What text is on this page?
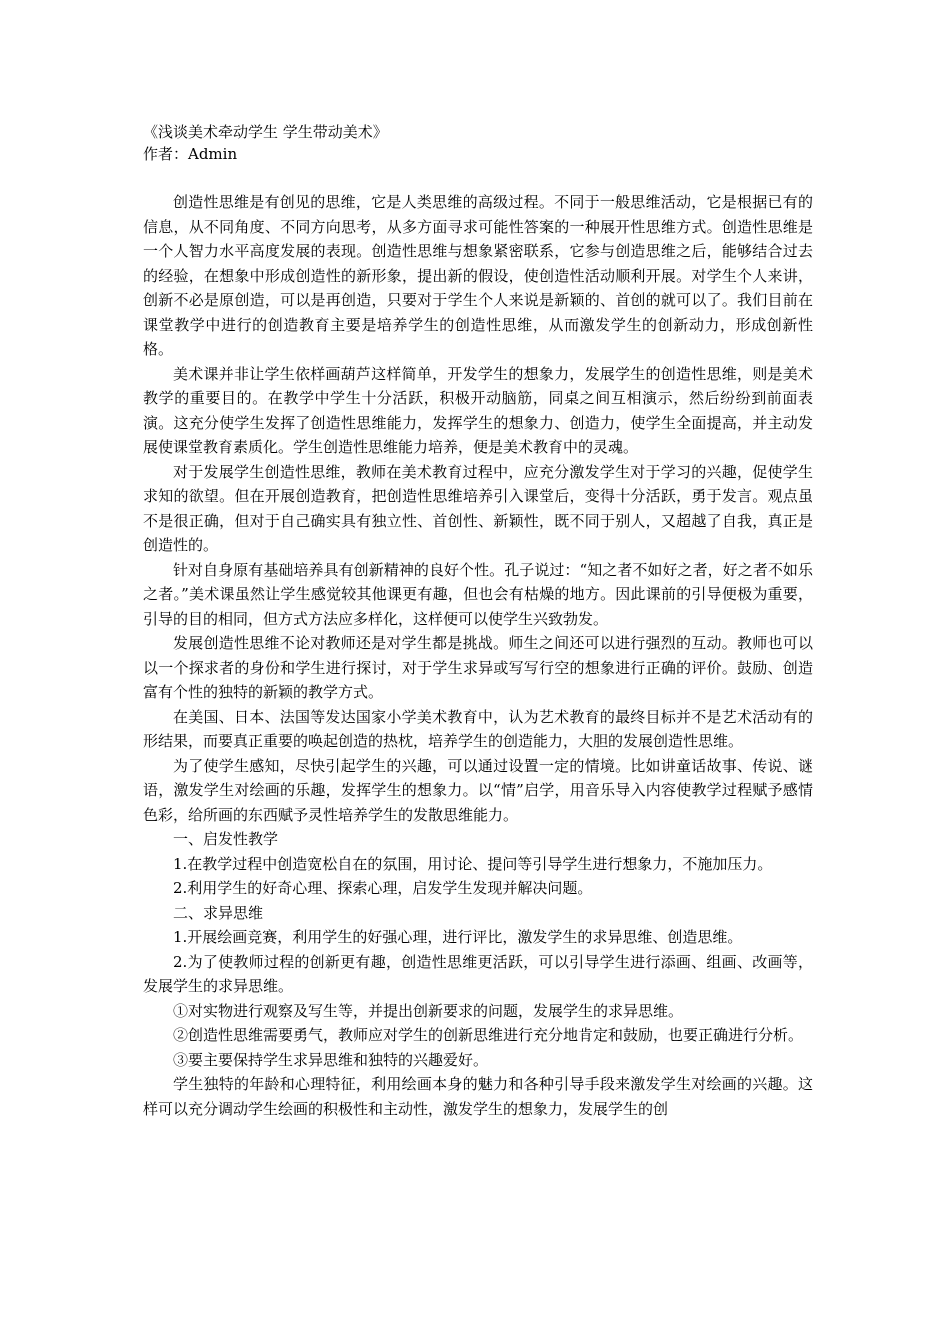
《浅谈美术牵动学生 学生带动美术》

作者：Admin

创造性思维是有创见的思维，它是人类思维的高级过程。不同于一般思维活动，它是根据已有的信息，从不同角度、不同方向思考，从多方面寻求可能性答案的一种展开性思维方式。创造性思维是一个人智力水平高度发展的表现。创造性思维与想象紧密联系，它参与创造思维之后，能够结合过去的经验，在想象中形成创造性的新形象，提出新的假设，使创造性活动顺利开展。对学生个人来讲，创新不必是原创造，可以是再创造，只要对于学生个人来说是新颖的、首创的就可以了。我们目前在课堂教学中进行的创造教育主要是培养学生的创造性思维，从而激发学生的创新动力，形成创新性格。

美术课并非让学生依样画葫芦这样简单，开发学生的想象力，发展学生的创造性思维，则是美术教学的重要目的。在教学中学生十分活跃，积极开动脑筋，同桌之间互相演示，然后纷纷到前面表演。这充分使学生发挥了创造性思维能力，发挥学生的想象力、创造力，使学生全面提高，并主动发展使课堂教育素质化。学生创造性思维能力培养，便是美术教育中的灵魂。

对于发展学生创造性思维，教师在美术教育过程中，应充分激发学生对于学习的兴趣，促使学生求知的欲望。但在开展创造教育，把创造性思维培养引入课堂后，变得十分活跃，勇于发言。观点虽不是很正确，但对于自己确实具有独立性、首创性、新颖性，既不同于别人，又超越了自我，真正是创造性的。

针对自身原有基础培养具有创新精神的良好个性。孔子说过：“知之者不如好之者，好之者不如乐之者。”美术课虽然让学生感觉较其他课更有趣，但也会有枯燥的地方。因此课前的引导便极为重要，引导的目的相同，但方式方法应多样化，这样便可以使学生兴致勃发。

发展创造性思维不论对教师还是对学生都是挑战。师生之间还可以进行强烈的互动。教师也可以以一个探求者的身份和学生进行探讨，对于学生求异或写写行空的想象进行正确的评价。鼓励、创造富有个性的独特的新颖的教学方式。

在美国、日本、法国等发达国家小学美术教育中，认为艺术教育的最终目标并不是艺术活动有的形结果，而要真正重要的唤起创造的热枕，培养学生的创造能力，大胆的发展创造性思维。

为了使学生感知，尽快引起学生的兴趣，可以通过设置一定的情境。比如讲童话故事、传说、谜语，激发学生对绘画的乐趣，发挥学生的想象力。以“情”启学，用音乐导入内容使教学过程赋予感情色彩，给所画的东西赋予灵性培养学生的发散思维能力。

一、启发性教学

1.在教学过程中创造宽松自在的氛围，用讨论、提问等引导学生进行想象力，不施加压力。

2.利用学生的好奇心理、探索心理，启发学生发现并解决问题。

二、求异思维

1.开展绘画竞赛，利用学生的好强心理，进行评比，激发学生的求异思维、创造思维。

2.为了使教师过程的创新更有趣，创造性思维更活跃，可以引导学生进行添画、组画、改画等，发展学生的求异思维。

①对实物进行观察及写生等，并提出创新要求的问题，发展学生的求异思维。

②创造性思维需要勇气，教师应对学生的创新思维进行充分地肯定和鼓励，也要正确进行分析。

③要主要保持学生求异思维和独特的兴趣爱好。

学生独特的年龄和心理特征，利用绘画本身的魅力和各种引导手段来激发学生对绘画的兴趣。这样可以充分调动学生绘画的积极性和主动性，激发学生的想象力，发展学生的创
